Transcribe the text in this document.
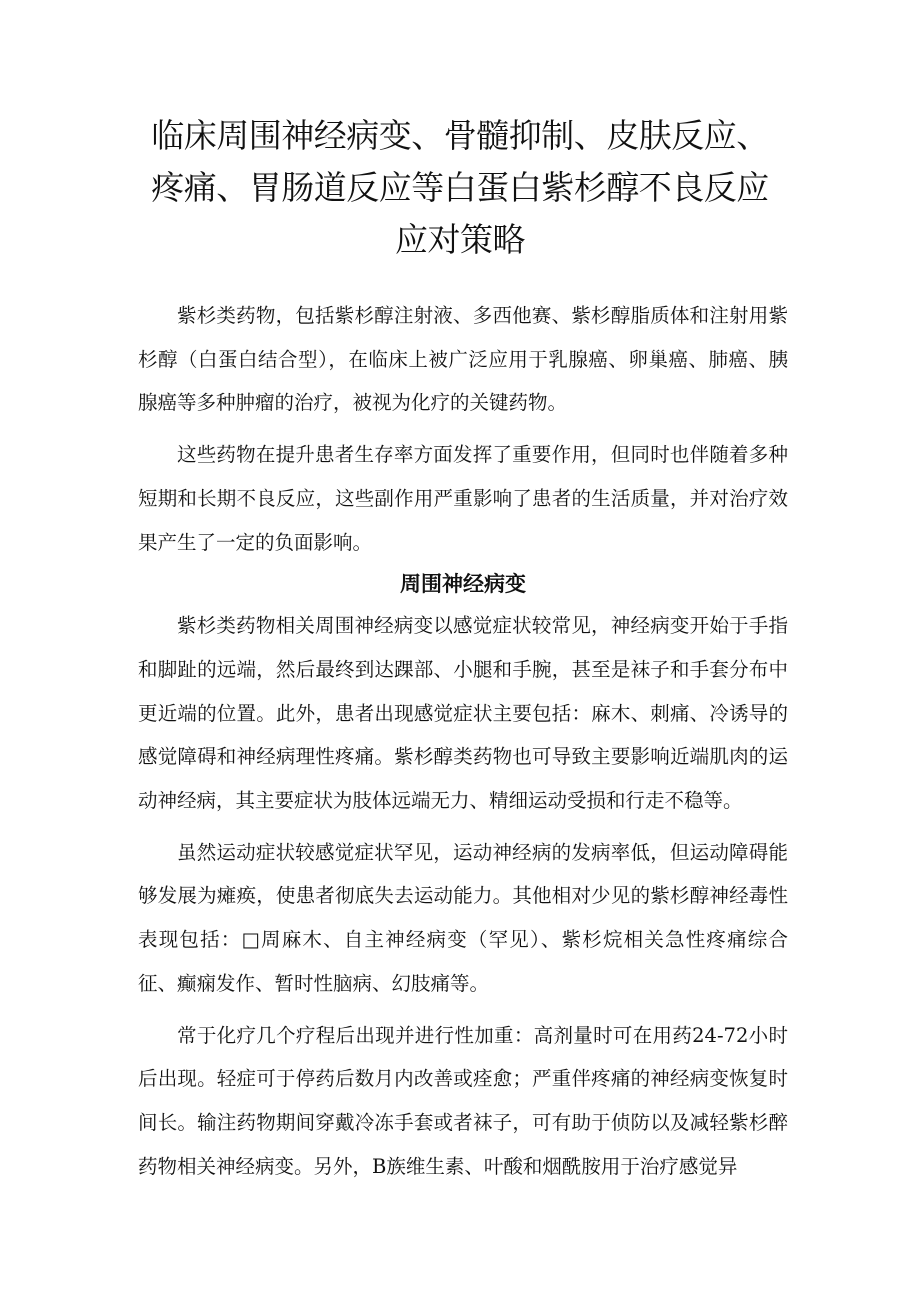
临床周围神经病变、骨髓抑制、皮肤反应、
疼痛、胃肠道反应等白蛋白紫杉醇不良反应
应对策略

紫杉类药物，包括紫杉醇注射液、多西他赛、紫杉醇脂质体和注射用紫杉醇（白蛋白结合型），在临床上被广泛应用于乳腺癌、卵巢癌、肺癌、胰腺癌等多种肿瘤的治疗，被视为化疗的关键药物。

这些药物在提升患者生存率方面发挥了重要作用，但同时也伴随着多种短期和长期不良反应，这些副作用严重影响了患者的生活质量，并对治疗效果产生了一定的负面影响。

周围神经病变

紫杉类药物相关周围神经病变以感觉症状较常见，神经病变开始于手指和脚趾的远端，然后最终到达踝部、小腿和手腕，甚至是袜子和手套分布中更近端的位置。此外，患者出现感觉症状主要包括：麻木、刺痛、冷诱导的感觉障碍和神经病理性疼痛。紫杉醇类药物也可导致主要影响近端肌肉的运动神经病，其主要症状为肢体远端无力、精细运动受损和行走不稳等。

虽然运动症状较感觉症状罕见，运动神经病的发病率低，但运动障碍能够发展为瘫痪，使患者彻底失去运动能力。其他相对少见的紫杉醇神经毒性表现包括：□周麻木、自主神经病变（罕见）、紫杉烷相关急性疼痛综合征、癫痫发作、暂时性脑病、幻肢痛等。

常于化疗几个疗程后出现并进行性加重：高剂量时可在用药24-72小时后出现。轻症可于停药后数月内改善或痊愈；严重伴疼痛的神经病变恢复时间长。输注药物期间穿戴冷冻手套或者袜子，可有助于侦防以及减轻紫杉醉药物相关神经病变。另外，B族维生素、叶酸和烟酰胺用于治疗感觉异
